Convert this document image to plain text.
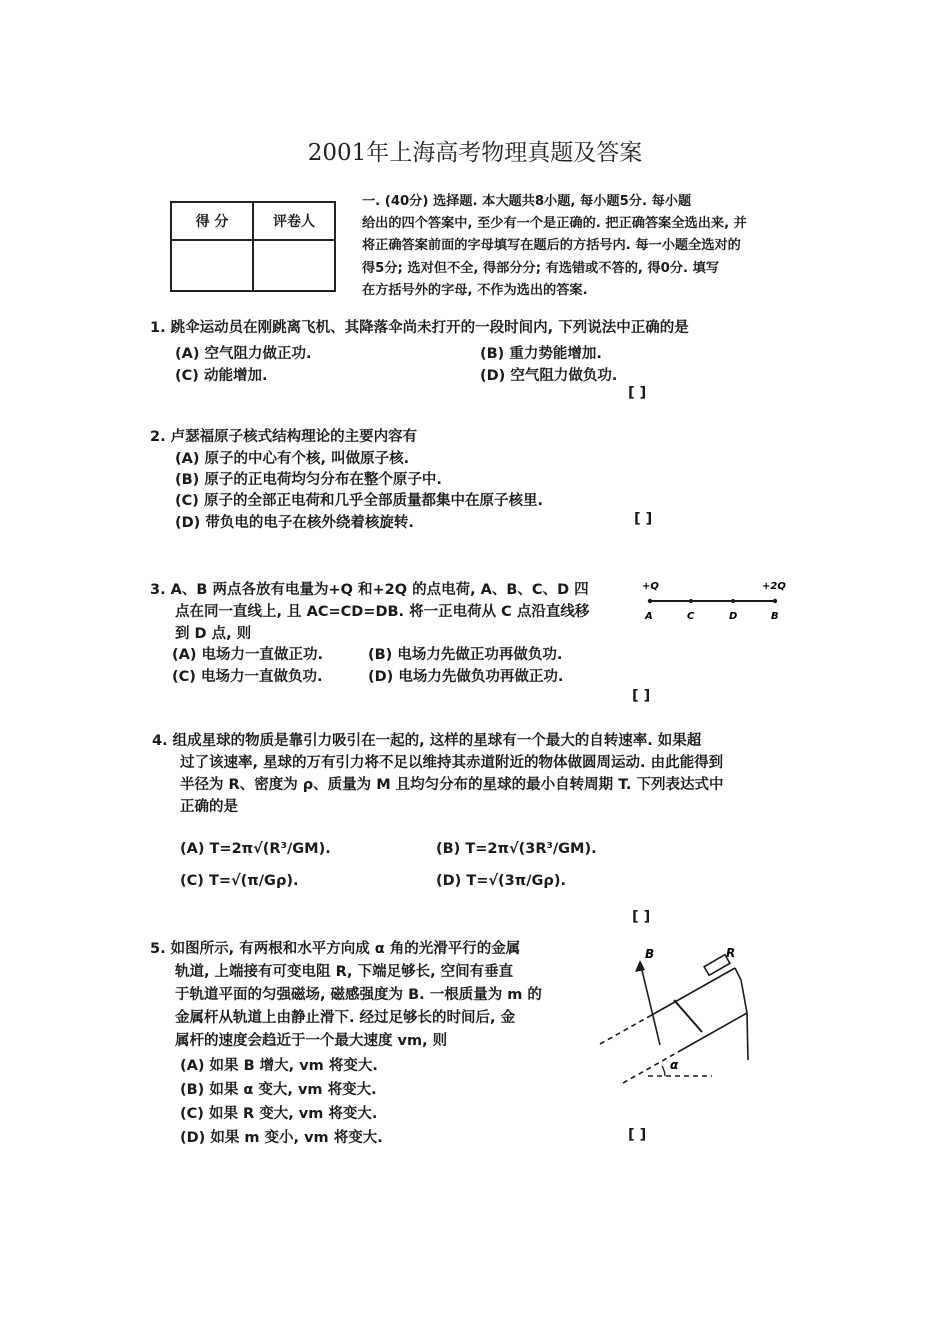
2001年上海高考物理真题及答案
得 分	评卷人

一. (40分) 选择题. 本大题共8小题, 每小题5分. 每小题
给出的四个答案中, 至少有一个是正确的. 把正确答案全选出来, 并
将正确答案前面的字母填写在题后的方括号内. 每一小题全选对的
得5分; 选对但不全, 得部分分; 有选错或不答的, 得0分. 填写
在方括号外的字母, 不作为选出的答案.
1. 跳伞运动员在刚跳离飞机、其降落伞尚未打开的一段时间内, 下列说法中正确的是
(A) 空气阻力做正功.	(B) 重力势能增加.
(C) 动能增加.	(D) 空气阻力做负功.
[ ]
2. 卢瑟福原子核式结构理论的主要内容有
(A) 原子的中心有个核, 叫做原子核.
(B) 原子的正电荷均匀分布在整个原子中.
(C) 原子的全部正电荷和几乎全部质量都集中在原子核里.
(D) 带负电的电子在核外绕着核旋转.	[ ]
3. A、B 两点各放有电量为+Q 和+2Q 的点电荷, A、B、C、D 四
点在同一直线上, 且 AC=CD=DB. 将一正电荷从 C 点沿直线移
到 D 点, 则
(A) 电场力一直做正功.	(B) 电场力先做正功再做负功.
(C) 电场力一直做负功.	(D) 电场力先做负功再做正功.
[ ]
+Q	+2Q
A	C	D	B
4. 组成星球的物质是靠引力吸引在一起的, 这样的星球有一个最大的自转速率. 如果超
过了该速率, 星球的万有引力将不足以维持其赤道附近的物体做圆周运动. 由此能得到
半径为 R、密度为 ρ、质量为 M 且均匀分布的星球的最小自转周期 T. 下列表达式中
正确的是
(A) T=2π√(R³/GM).	(B) T=2π√(3R³/GM).
(C) T=√(π/Gρ).	(D) T=√(3π/Gρ).
[ ]
5. 如图所示, 有两根和水平方向成 α 角的光滑平行的金属
轨道, 上端接有可变电阻 R, 下端足够长, 空间有垂直
于轨道平面的匀强磁场, 磁感强度为 B. 一根质量为 m 的
金属杆从轨道上由静止滑下. 经过足够长的时间后, 金
属杆的速度会趋近于一个最大速度 vm, 则
(A) 如果 B 增大, vm 将变大.
(B) 如果 α 变大, vm 将变大.
(C) 如果 R 变大, vm 将变大.
(D) 如果 m 变小, vm 将变大.	[ ]
B	R
α
